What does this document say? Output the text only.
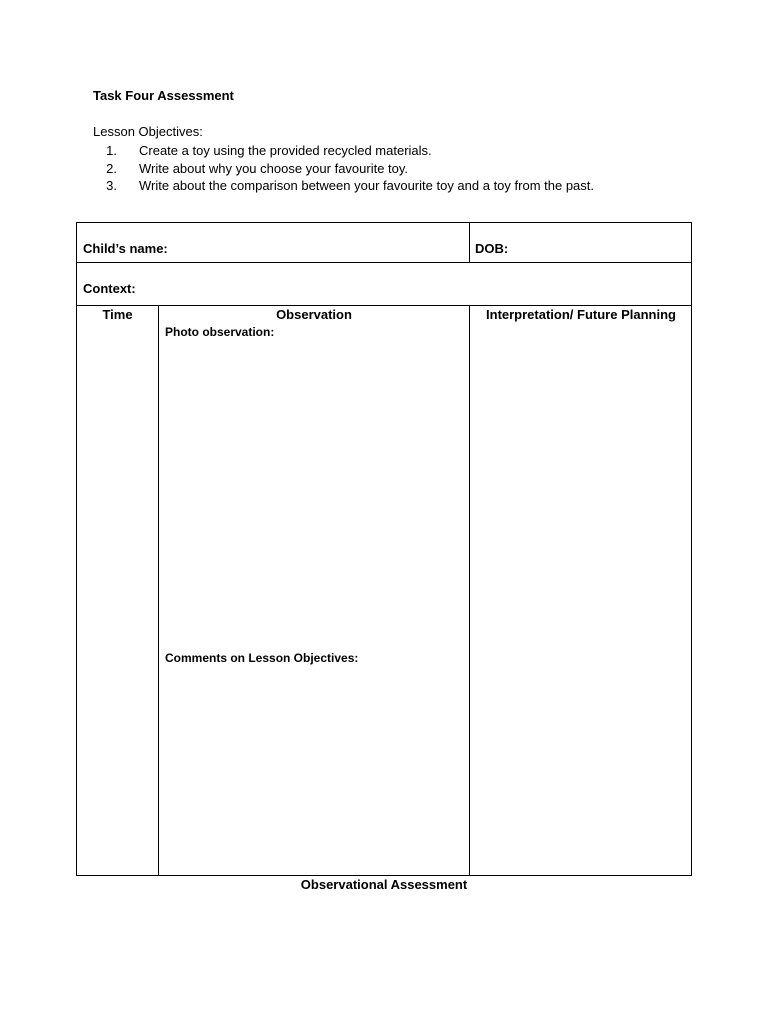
Task Four Assessment
Lesson Objectives:
1. Create a toy using the provided recycled materials.
2. Write about why you choose your favourite toy.
3. Write about the comparison between your favourite toy and a toy from the past.
Child’s name:	DOB:
Context:
Time	Observation	Interpretation/ Future Planning
Photo observation:
Comments on Lesson Objectives:
Observational Assessment
